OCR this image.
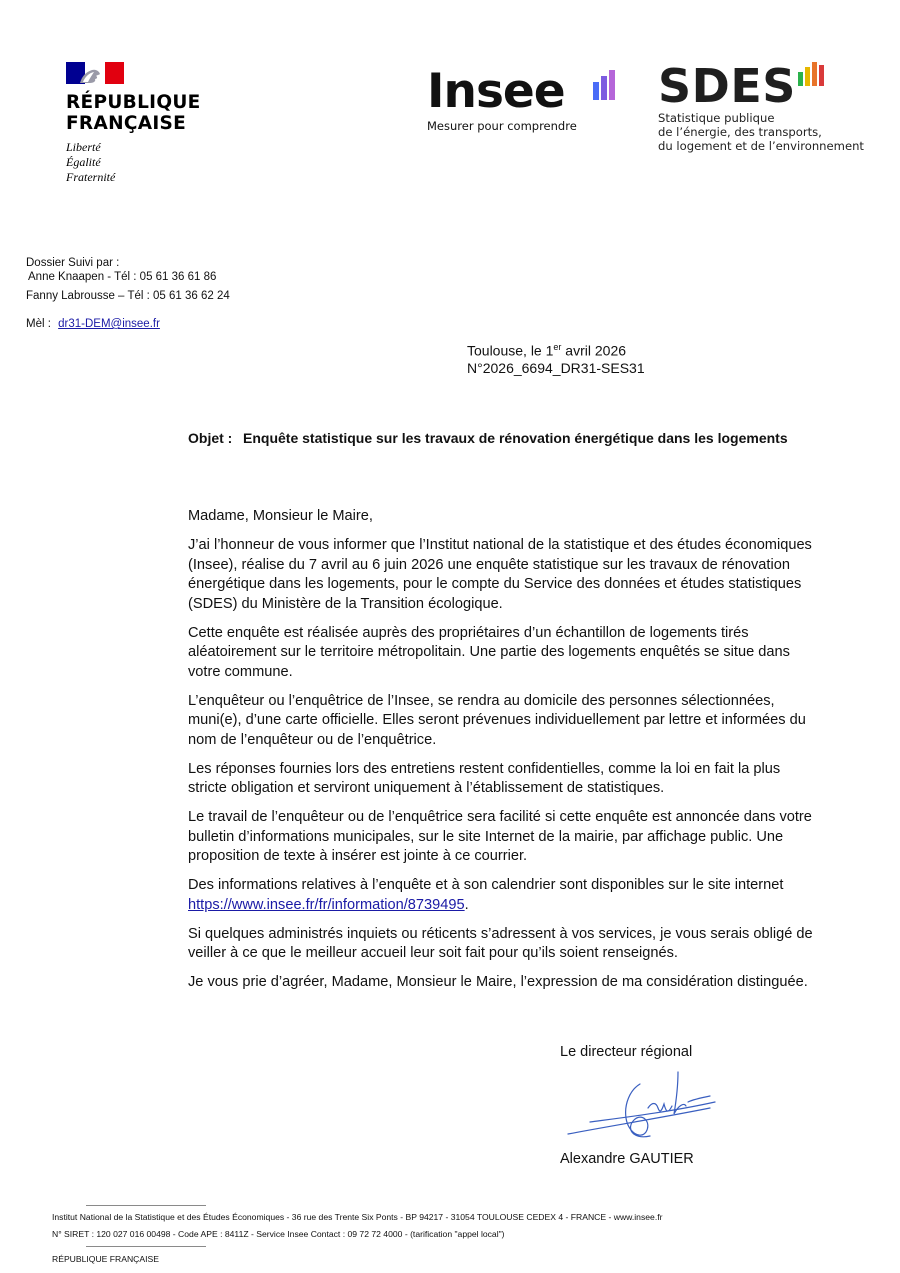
RÉPUBLIQUE
FRANÇAISE
Liberté
Égalité
Fraternité
Insee
Mesurer pour comprendre
SDES
Statistique publique
de l’énergie, des transports,
du logement et de l’environnement
Dossier Suivi par :
Anne Knaapen - Tél : 05 61 36 61 86
Fanny Labrousse – Tél : 05 61 36 62 24
Mèl : dr31-DEM@insee.fr
Toulouse, le 1er avril 2026
N°2026_6694_DR31-SES31
Objet : Enquête statistique sur les travaux de rénovation énergétique dans les logements

Madame, Monsieur le Maire,

J’ai l’honneur de vous informer que l’Institut national de la statistique et des études économiques (Insee), réalise du 7 avril au 6 juin 2026 une enquête statistique sur les travaux de rénovation énergétique dans les logements, pour le compte du Service des données et études statistiques (SDES) du Ministère de la Transition écologique.

Cette enquête est réalisée auprès des propriétaires d’un échantillon de logements tirés aléatoirement sur le territoire métropolitain. Une partie des logements enquêtés se situe dans votre commune.

L’enquêteur ou l’enquêtrice de l’Insee, se rendra au domicile des personnes sélectionnées, muni(e), d’une carte officielle. Elles seront prévenues individuellement par lettre et informées du nom de l’enquêteur ou de l’enquêtrice.

Les réponses fournies lors des entretiens restent confidentielles, comme la loi en fait la plus stricte obligation et serviront uniquement à l’établissement de statistiques.

Le travail de l’enquêteur ou de l’enquêtrice sera facilité si cette enquête est annoncée dans votre bulletin d’informations municipales, sur le site Internet de la mairie, par affichage public. Une proposition de texte à insérer est jointe à ce courrier.

Des informations relatives à l’enquête et à son calendrier sont disponibles sur le site internet
https://www.insee.fr/fr/information/8739495.

Si quelques administrés inquiets ou réticents s’adressent à vos services, je vous serais obligé de veiller à ce que le meilleur accueil leur soit fait pour qu’ils soient renseignés.

Je vous prie d’agréer, Madame, Monsieur le Maire, l’expression de ma considération distinguée.

Le directeur régional
Alexandre GAUTIER
Institut National de la Statistique et des Études Économiques - 36 rue des Trente Six Ponts - BP 94217 - 31054 TOULOUSE CEDEX 4 - FRANCE - www.insee.fr
N° SIRET : 120 027 016 00498 - Code APE : 8411Z - Service Insee Contact : 09 72 72 4000 - (tarification "appel local")
RÉPUBLIQUE FRANÇAISE
